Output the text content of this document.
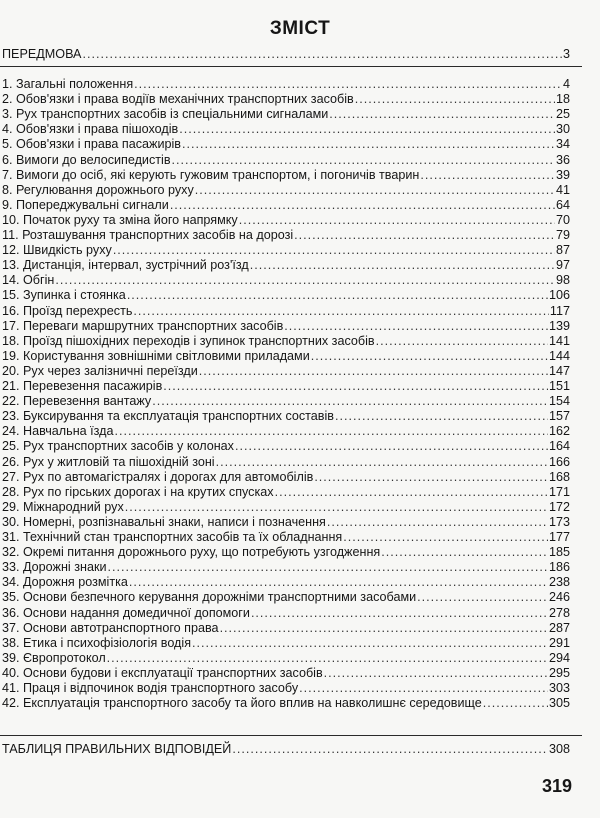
ЗМІСТ
ПЕРЕДМОВА .....	3
1. Загальні положення .....	4
2. Обов'язки і права водіїв механічних транспортних засобів .....	18
3. Рух транспортних засобів із спеціальними сигналами .....	25
4. Обов'язки і права пішоходів .....	30
5. Обов'язки і права пасажирів .....	34
6. Вимоги до велосипедистів .....	36
7. Вимоги до осіб, які керують гужовим транспортом, і погоничів тварин .....	39
8. Регулювання дорожнього руху .....	41
9. Попереджувальні сигнали .....	64
10. Початок руху та зміна його напрямку .....	70
11. Розташування транспортних засобів на дорозі .....	79
12. Швидкість руху .....	87
13. Дистанція, інтервал, зустрічний роз'їзд .....	97
14. Обгін .....	98
15. Зупинка і стоянка .....	106
16. Проїзд перехресть .....	117
17. Переваги маршрутних транспортних засобів .....	139
18. Проїзд пішохідних переходів і зупинок транспортних засобів .....	141
19. Користування зовнішніми світловими приладами .....	144
20. Рух через залізничні переїзди .....	147
21. Перевезення пасажирів .....	151
22. Перевезення вантажу .....	154
23. Буксирування та експлуатація транспортних составів .....	157
24. Навчальна їзда .....	162
25. Рух транспортних засобів у колонах .....	164
26. Рух у житловій та пішохідній зоні .....	166
27. Рух по автомагістралях і дорогах для автомобілів .....	168
28. Рух по гірських дорогах і на крутих спусках .....	171
29. Міжнародний рух .....	172
30. Номерні, розпізнавальні знаки, написи і позначення .....	173
31. Технічний стан транспортних засобів та їх обладнання .....	177
32. Окремі питання дорожнього руху, що потребують узгодження .....	185
33. Дорожні знаки .....	186
34. Дорожня розмітка .....	238
35. Основи безпечного керування дорожніми транспортними засобами .....	246
36. Основи надання домедичної допомоги .....	278
37. Основи автотранспортного права .....	287
38. Етика і психофізіологія водія .....	291
39. Європротокол .....	294
40. Основи будови і експлуатації транспортних засобів .....	295
41. Праця і відпочинок водія транспортного засобу .....	303
42. Експлуатація транспортного засобу та його вплив на навколишнє середовище .....	305
ТАБЛИЦЯ ПРАВИЛЬНИХ ВІДПОВІДЕЙ .....	308
319
